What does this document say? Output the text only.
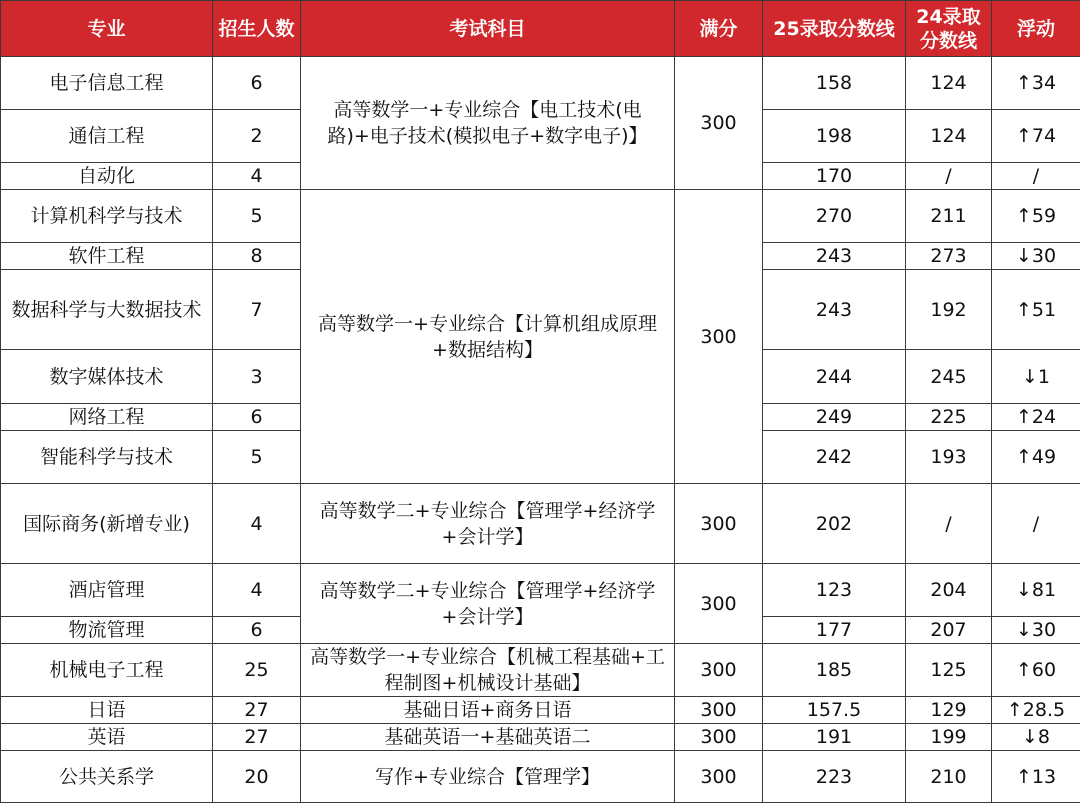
专业	招生人数	考试科目	满分	25录取分数线	24录取分数线	浮动
电子信息工程	6	高等数学一+专业综合【电工技术(电路)+电子技术(模拟电子+数字电子)】	300	158	124	↑34
通信工程	2			198	124	↑74
自动化	4			170	/	/
计算机科学与技术	5	高等数学一+专业综合【计算机组成原理+数据结构】	300	270	211	↑59
软件工程	8			243	273	↓30
数据科学与大数据技术	7			243	192	↑51
数字媒体技术	3			244	245	↓1
网络工程	6			249	225	↑24
智能科学与技术	5			242	193	↑49
国际商务(新增专业)	4	高等数学二+专业综合【管理学+经济学+会计学】	300	202	/	/
酒店管理	4	高等数学二+专业综合【管理学+经济学+会计学】	300	123	204	↓81
物流管理	6			177	207	↓30
机械电子工程	25	高等数学一+专业综合【机械工程基础+工程制图+机械设计基础】	300	185	125	↑60
日语	27	基础日语+商务日语	300	157.5	129	↑28.5
英语	27	基础英语一+基础英语二	300	191	199	↓8
公共关系学	20	写作+专业综合【管理学】	300	223	210	↑13
